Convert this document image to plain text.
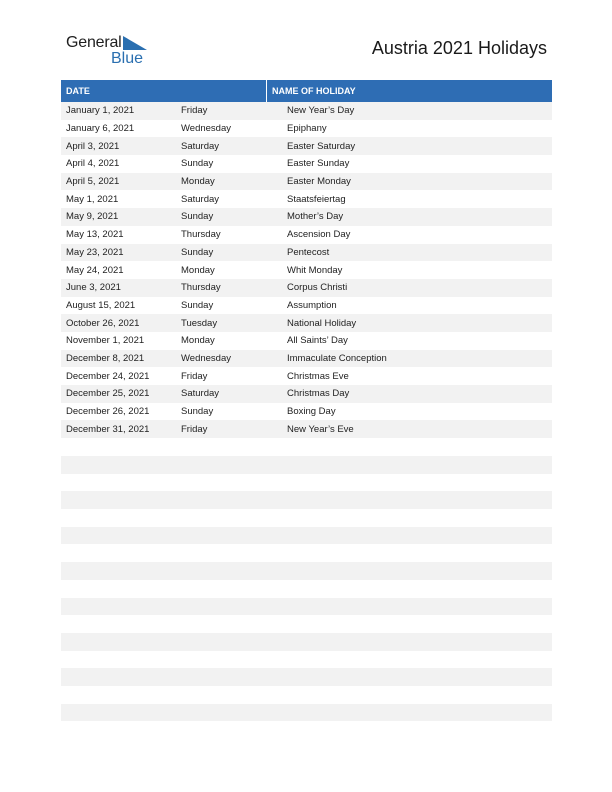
General
Blue
Austria 2021 Holidays
DATE	NAME OF HOLIDAY
January 1, 2021	Friday	New Year’s Day
January 6, 2021	Wednesday	Epiphany
April 3, 2021	Saturday	Easter Saturday
April 4, 2021	Sunday	Easter Sunday
April 5, 2021	Monday	Easter Monday
May 1, 2021	Saturday	Staatsfeiertag
May 9, 2021	Sunday	Mother’s Day
May 13, 2021	Thursday	Ascension Day
May 23, 2021	Sunday	Pentecost
May 24, 2021	Monday	Whit Monday
June 3, 2021	Thursday	Corpus Christi
August 15, 2021	Sunday	Assumption
October 26, 2021	Tuesday	National Holiday
November 1, 2021	Monday	All Saints’ Day
December 8, 2021	Wednesday	Immaculate Conception
December 24, 2021	Friday	Christmas Eve
December 25, 2021	Saturday	Christmas Day
December 26, 2021	Sunday	Boxing Day
December 31, 2021	Friday	New Year’s Eve
